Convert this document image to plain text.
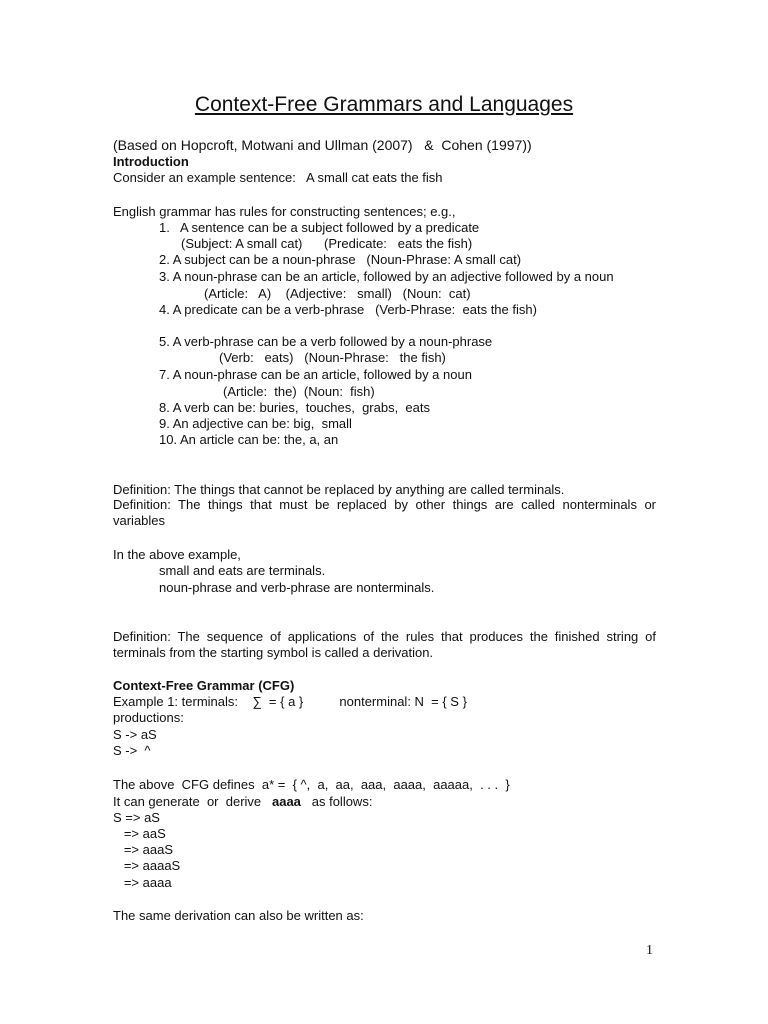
Context-Free Grammars and Languages
(Based on Hopcroft, Motwani and Ullman (2007)   &  Cohen (1997))
Introduction
Consider an example sentence:   A small cat eats the fish
English grammar has rules for constructing sentences; e.g.,
1.   A sentence can be a subject followed by a predicate
(Subject: A small cat)      (Predicate:   eats the fish)
2. A subject can be a noun-phrase   (Noun-Phrase: A small cat)
3. A noun-phrase can be an article, followed by an adjective followed by a noun
(Article:   A)    (Adjective:   small)   (Noun:  cat)
4. A predicate can be a verb-phrase   (Verb-Phrase:  eats the fish)
5. A verb-phrase can be a verb followed by a noun-phrase
(Verb:   eats)   (Noun-Phrase:   the fish)
7. A noun-phrase can be an article, followed by a noun
(Article:  the)  (Noun:  fish)
8. A verb can be: buries,  touches,  grabs,  eats
9. An adjective can be: big,  small
10. An article can be: the, a, an
Definition: The things that cannot be replaced by anything are called terminals.
Definition: The things that must be replaced by other things are called nonterminals or variables
In the above example,
small and eats are terminals.
noun-phrase and verb-phrase are nonterminals.
Definition: The sequence of applications of the rules that produces the finished string of terminals from the starting symbol is called a derivation.
Context-Free Grammar (CFG)
Example 1: terminals:    ∑  = { a }          nonterminal: N  = { S }
productions:
S -> aS
S ->  ^
The above  CFG defines  a* =  { ^,  a,  aa,  aaa,  aaaa,  aaaaa,  . . .  }
It can generate  or  derive   aaaa   as follows:
S => aS
=> aaS
=> aaaS
=> aaaaS
=> aaaa
The same derivation can also be written as:
1
